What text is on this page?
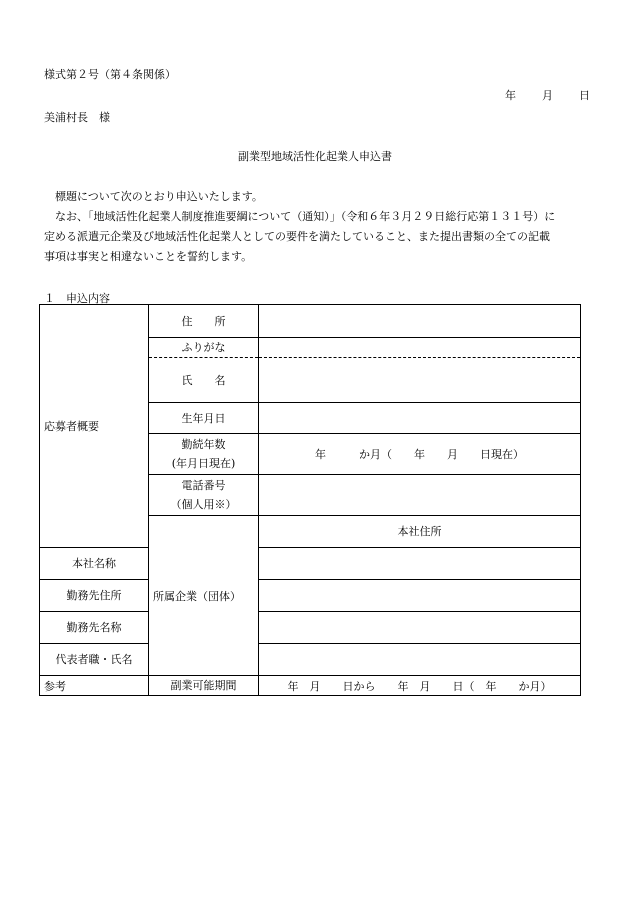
様式第２号（第４条関係）
年 月 日
美浦村長　様
副業型地域活性化起業人申込書

　標題について次のとおり申込いたします。

　なお、「地域活性化起業人制度推進要綱について（通知）」（令和６年３月２９日総行応第１３１号）に

定める派遣元企業及び地域活性化起業人としての要件を満たしていること、また提出書類の全ての記載

事項は事実と相違ないことを誓約します。

１　申込内容
応募者概要	住　　所		
	ふりがな		
	氏　　名		
	生年月日		

	勤続年数
(年月日現在)	年　　　か月（　　年　　月　　日現在）	

	電話番号
（個人用※）		

	所属企業（団体）	本社住所	
本社名称			
勤務先住所			
勤務先名称			
代表者職・氏名			
参考	副業可能期間	年　月　　日から　　年　月　　日（　年　　か月）	
